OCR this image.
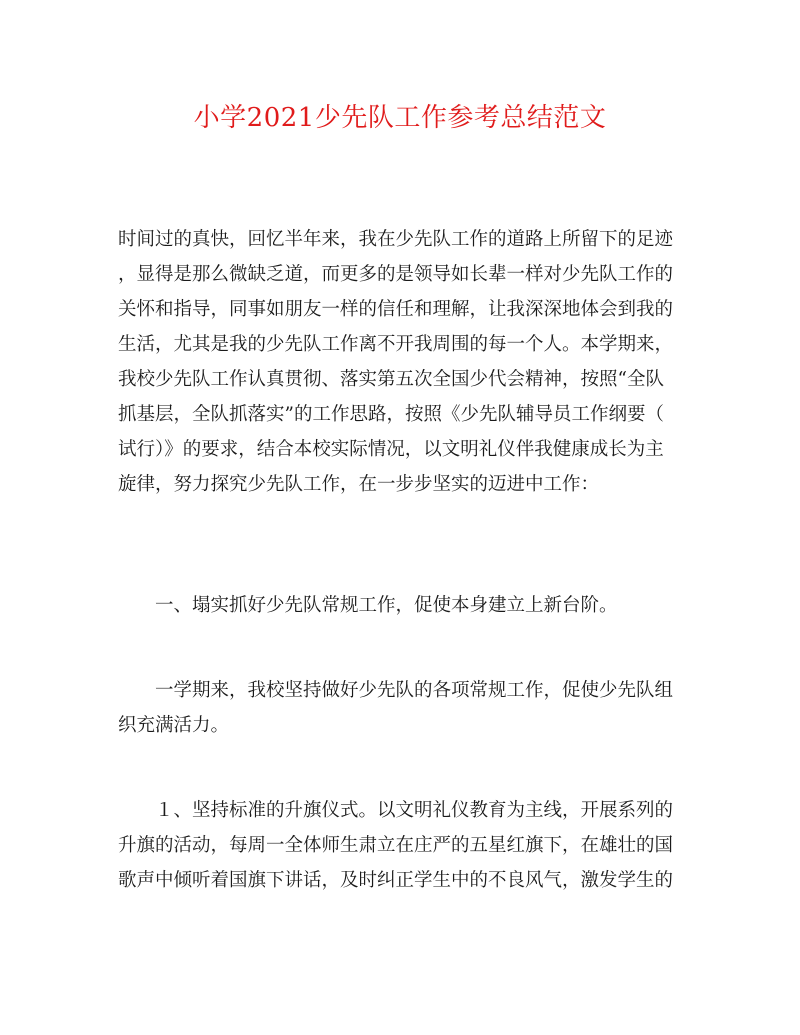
小学2021少先队工作参考总结范文
时间过的真快，回忆半年来，我在少先队工作的道路上所留下的足迹
，显得是那么微缺乏道，而更多的是领导如长辈一样对少先队工作的
关怀和指导，同事如朋友一样的信任和理解，让我深深地体会到我的
生活，尤其是我的少先队工作离不开我周围的每一个人。本学期来，
我校少先队工作认真贯彻、落实第五次全国少代会精神，按照“全队
抓基层，全队抓落实”的工作思路，按照《少先队辅导员工作纲要（
试行）》的要求，结合本校实际情况，以文明礼仪伴我健康成长为主
旋律，努力探究少先队工作，在一步步坚实的迈进中工作：
　　一、塌实抓好少先队常规工作，促使本身建立上新台阶。
　　一学期来，我校坚持做好少先队的各项常规工作，促使少先队组
织充满活力。
　　１、坚持标准的升旗仪式。以文明礼仪教育为主线，开展系列的
升旗的活动，每周一全体师生肃立在庄严的五星红旗下，在雄壮的国
歌声中倾听着国旗下讲话，及时纠正学生中的不良风气，激发学生的
